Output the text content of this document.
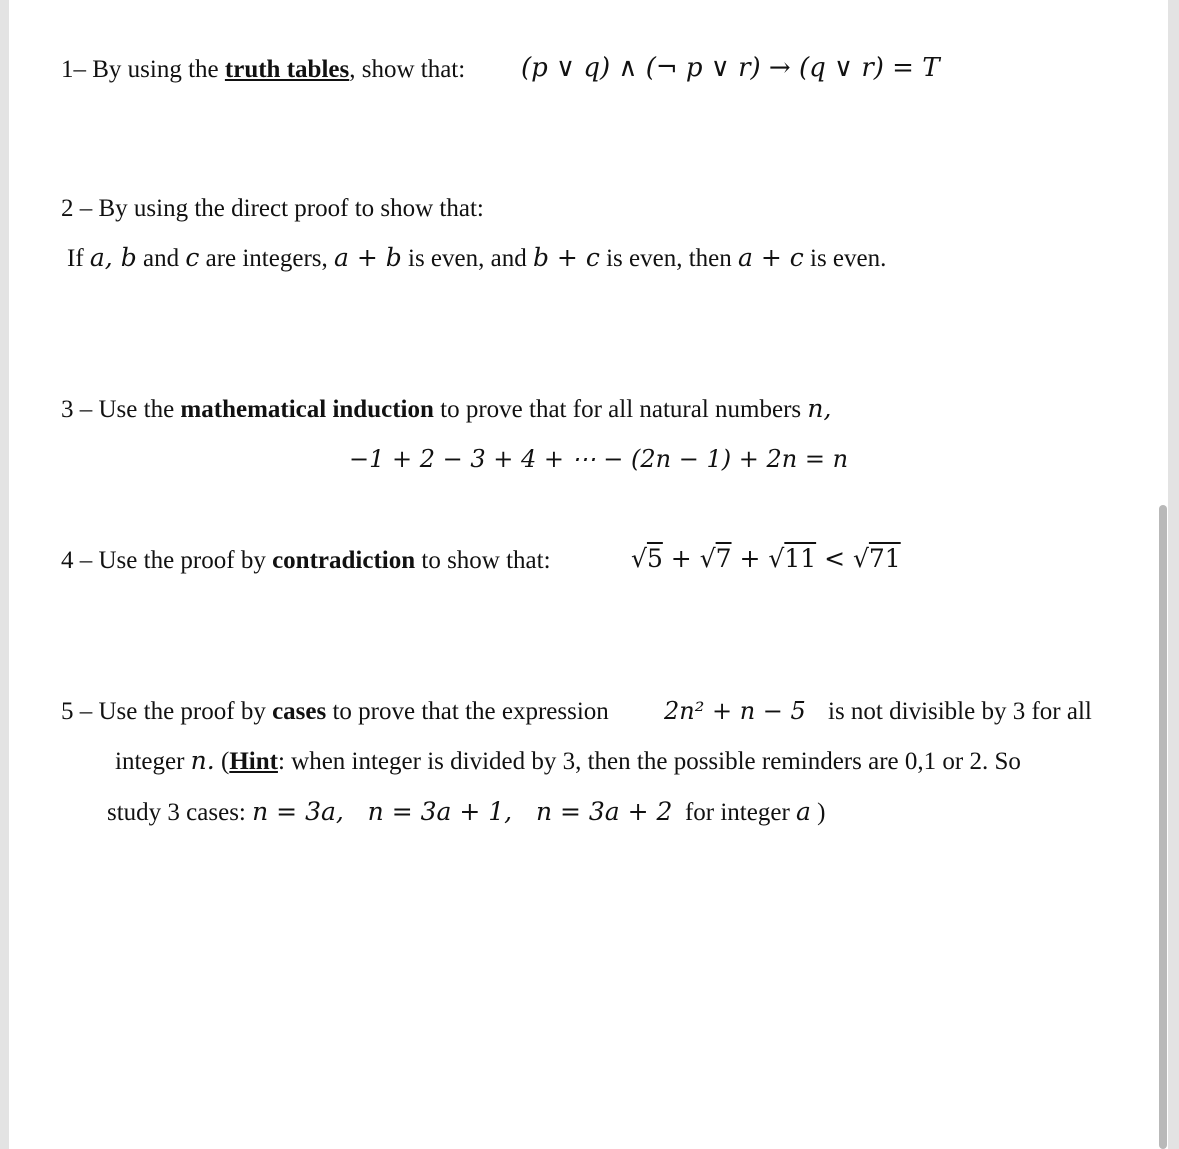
1– By using the truth tables, show that: (p ∨ q) ∧ (¬ p ∨ r) → (q ∨ r) = T
2 – By using the direct proof to show that:
If a, b and c are integers, a + b is even, and b + c is even, then a + c is even.
3 – Use the mathematical induction to prove that for all natural numbers n,
−1 + 2 − 3 + 4 + ⋯ − (2n − 1) + 2n = n
4 – Use the proof by contradiction to show that:	√5 + √7 + √11 < √71
5 – Use the proof by cases to prove that the expression 2n² + n − 5 is not divisible by 3 for all
integer n. (Hint: when integer is divided by 3, then the possible reminders are 0,1 or 2. So
study 3 cases: n = 3a,   n = 3a + 1,   n = 3a + 2  for integer a )
